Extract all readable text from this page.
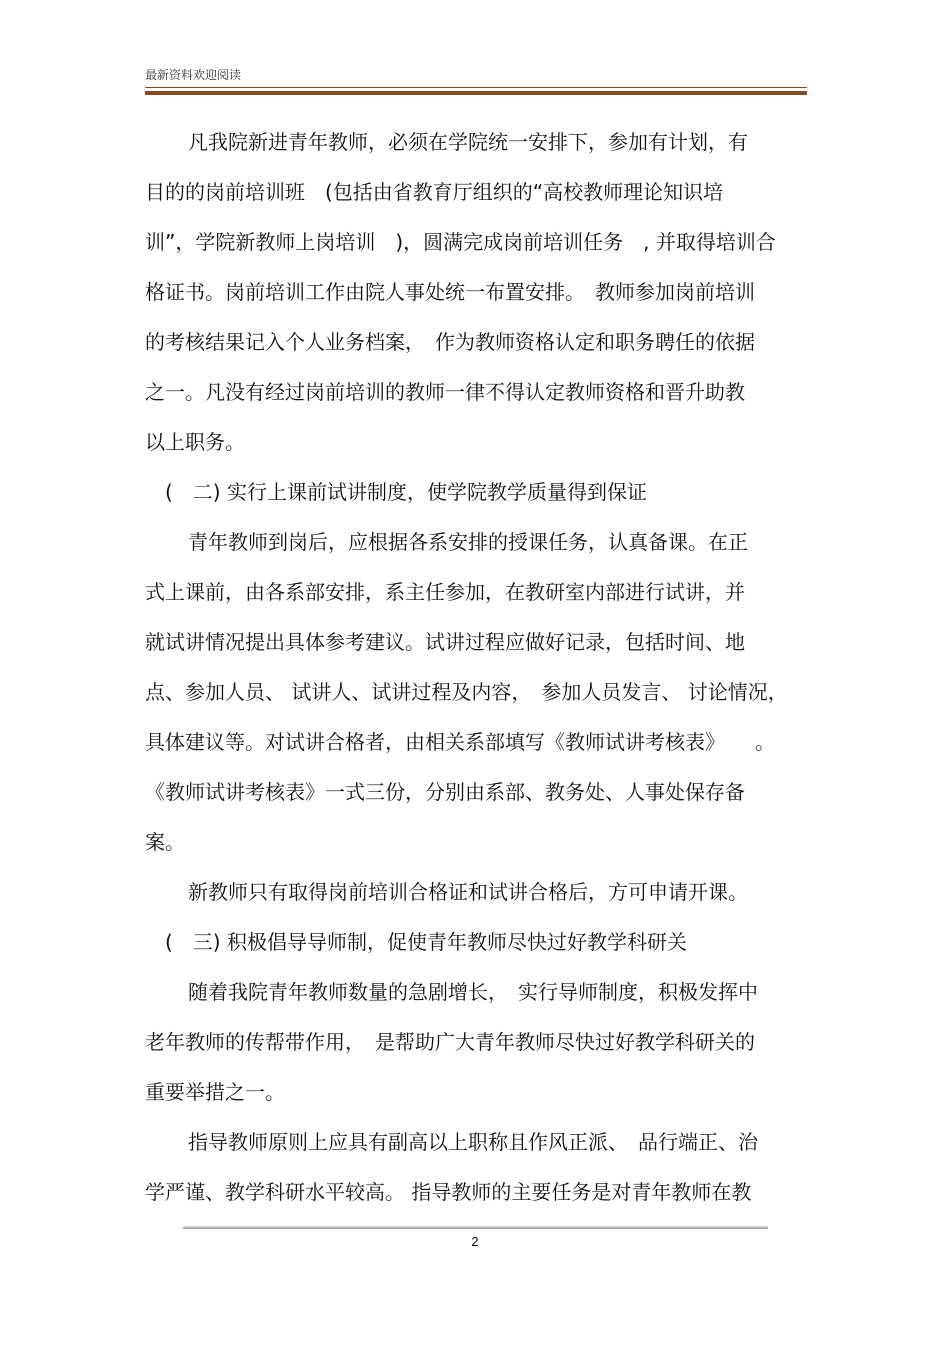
最新资料欢迎阅读
凡我院新进青年教师，必须在学院统一安排下，参加有计划，有
目的的岗前培训班　(包括由省教育厅组织的“高校教师理论知识培
训”，学院新教师上岗培训　)，圆满完成岗前培训任务　, 并取得培训合
格证书。岗前培训工作由院人事处统一布置安排。　教师参加岗前培训
的考核结果记入个人业务档案，　作为教师资格认定和职务聘任的依据
之一。凡没有经过岗前培训的教师一律不得认定教师资格和晋升助教
以上职务。
(　二) 实行上课前试讲制度，使学院教学质量得到保证
青年教师到岗后，应根据各系安排的授课任务，认真备课。在正
式上课前，由各系部安排，系主任参加，在教研室内部进行试讲，并
就试讲情况提出具体参考建议。试讲过程应做好记录，包括时间、地
点、参加人员、 试讲人、试讲过程及内容，　参加人员发言、 讨论情况，
具体建议等。对试讲合格者，由相关系部填写《教师试讲考核表》　　。
《教师试讲考核表》一式三份，分别由系部、教务处、人事处保存备
案。
新教师只有取得岗前培训合格证和试讲合格后，方可申请开课。
(　三) 积极倡导导师制，促使青年教师尽快过好教学科研关
随着我院青年教师数量的急剧增长，　实行导师制度，积极发挥中
老年教师的传帮带作用，　是帮助广大青年教师尽快过好教学科研关的
重要举措之一。
指导教师原则上应具有副高以上职称且作风正派、　品行端正、治
学严谨、教学科研水平较高。 指导教师的主要任务是对青年教师在教
2
